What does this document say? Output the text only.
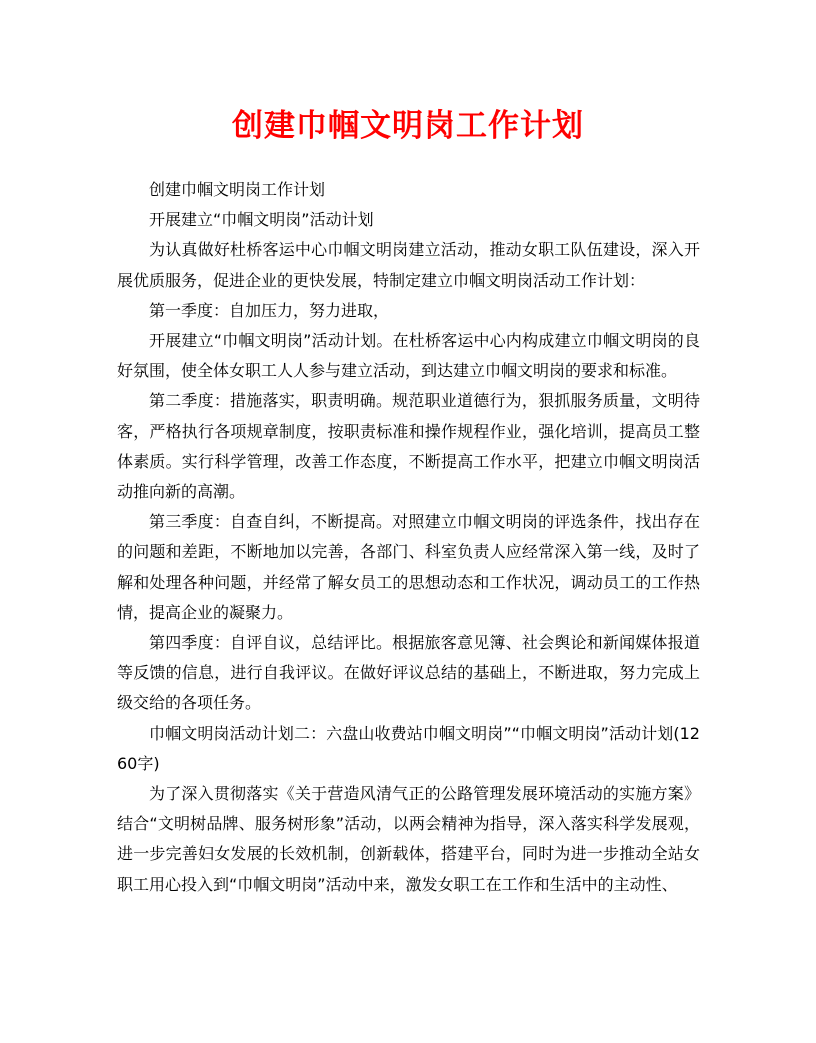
创建巾帼文明岗工作计划

创建巾帼文明岗工作计划

开展建立“巾帼文明岗”活动计划

为认真做好杜桥客运中心巾帼文明岗建立活动，推动女职工队伍建设，深入开展优质服务，促进企业的更快发展，特制定建立巾帼文明岗活动工作计划：

第一季度：自加压力，努力进取，

开展建立“巾帼文明岗”活动计划。在杜桥客运中心内构成建立巾帼文明岗的良好氛围，使全体女职工人人参与建立活动，到达建立巾帼文明岗的要求和标准。

第二季度：措施落实，职责明确。规范职业道德行为，狠抓服务质量，文明待客，严格执行各项规章制度，按职责标准和操作规程作业，强化培训，提高员工整体素质。实行科学管理，改善工作态度，不断提高工作水平，把建立巾帼文明岗活动推向新的高潮。

第三季度：自查自纠，不断提高。对照建立巾帼文明岗的评选条件，找出存在的问题和差距，不断地加以完善，各部门、科室负责人应经常深入第一线，及时了解和处理各种问题，并经常了解女员工的思想动态和工作状况，调动员工的工作热情，提高企业的凝聚力。

第四季度：自评自议，总结评比。根据旅客意见簿、社会舆论和新闻媒体报道等反馈的信息，进行自我评议。在做好评议总结的基础上，不断进取，努力完成上级交给的各项任务。

巾帼文明岗活动计划二：六盘山收费站巾帼文明岗”“巾帼文明岗”活动计划(1260字)

为了深入贯彻落实《关于营造风清气正的公路管理发展环境活动的实施方案》结合“文明树品牌、服务树形象”活动，以两会精神为指导，深入落实科学发展观，进一步完善妇女发展的长效机制，创新载体，搭建平台，同时为进一步推动全站女职工用心投入到“巾帼文明岗”活动中来，激发女职工在工作和生活中的主动性、
